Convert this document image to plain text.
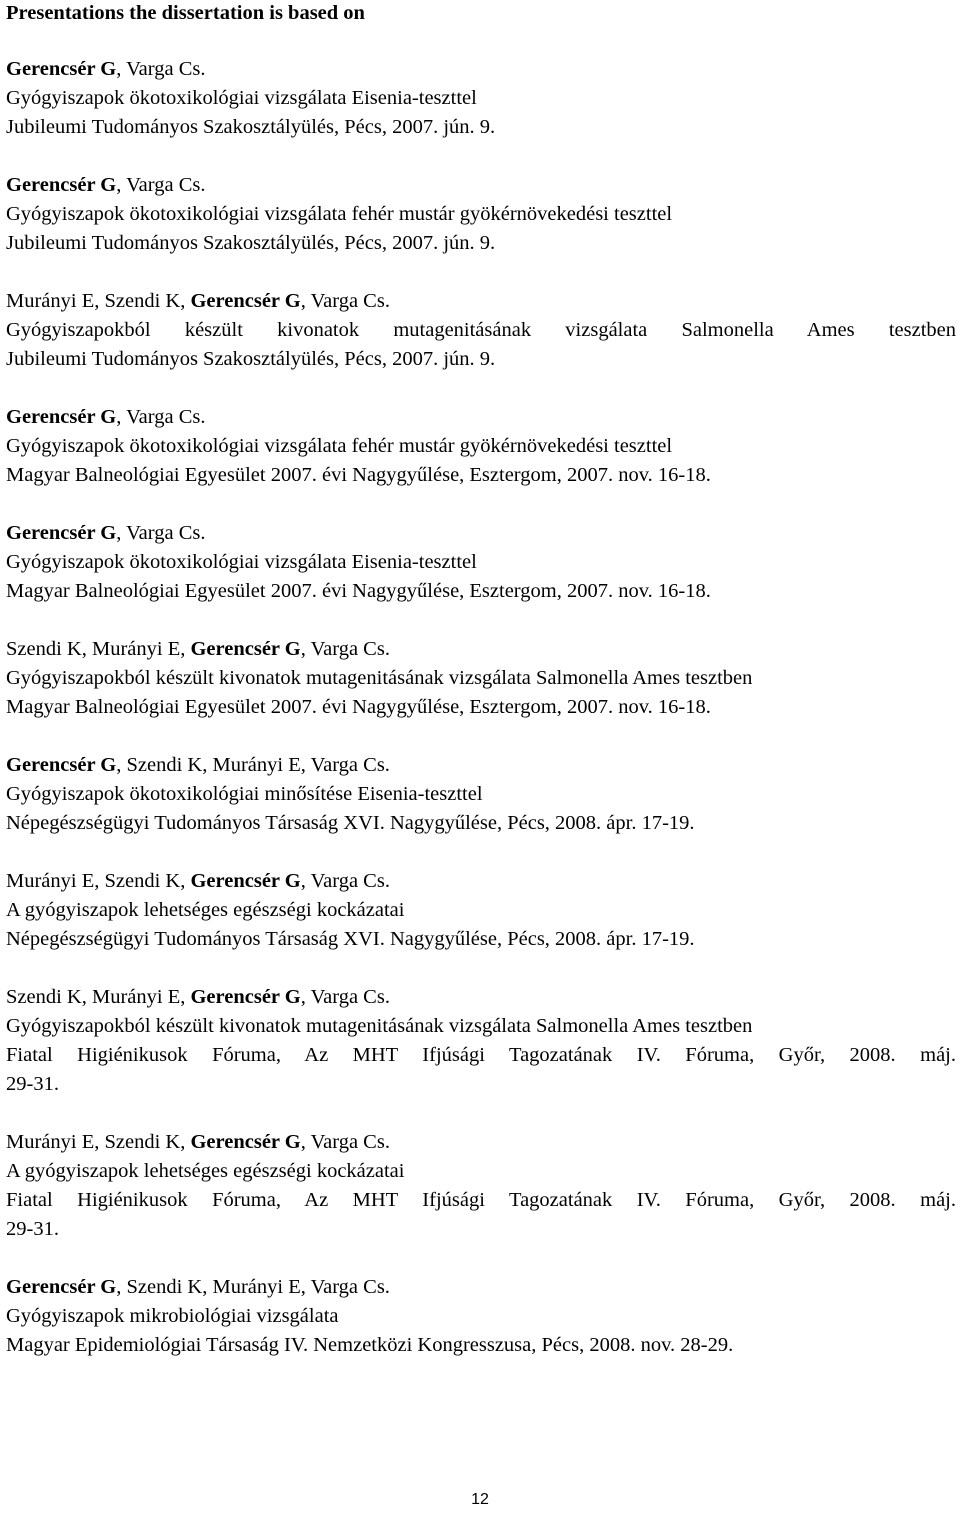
Presentations the dissertation is based on
Gerencsér G, Varga Cs.
Gyógyiszapok ökotoxikológiai vizsgálata Eisenia-teszttel
Jubileumi Tudományos Szakosztályülés, Pécs, 2007. jún. 9.
Gerencsér G, Varga Cs.
Gyógyiszapok ökotoxikológiai vizsgálata fehér mustár gyökérnövekedési teszttel
Jubileumi Tudományos Szakosztályülés, Pécs, 2007. jún. 9.
Murányi E, Szendi K, Gerencsér G, Varga Cs.
Gyógyiszapokból készült kivonatok mutagenitásának vizsgálata Salmonella Ames tesztben
Jubileumi Tudományos Szakosztályülés, Pécs, 2007. jún. 9.
Gerencsér G, Varga Cs.
Gyógyiszapok ökotoxikológiai vizsgálata fehér mustár gyökérnövekedési teszttel
Magyar Balneológiai Egyesület 2007. évi Nagygyűlése, Esztergom, 2007. nov. 16-18.
Gerencsér G, Varga Cs.
Gyógyiszapok ökotoxikológiai vizsgálata Eisenia-teszttel
Magyar Balneológiai Egyesület 2007. évi Nagygyűlése, Esztergom, 2007. nov. 16-18.
Szendi K, Murányi E, Gerencsér G, Varga Cs.
Gyógyiszapokból készült kivonatok mutagenitásának vizsgálata Salmonella Ames tesztben
Magyar Balneológiai Egyesület 2007. évi Nagygyűlése, Esztergom, 2007. nov. 16-18.
Gerencsér G, Szendi K, Murányi E, Varga Cs.
Gyógyiszapok ökotoxikológiai minősítése Eisenia-teszttel
Népegészségügyi Tudományos Társaság XVI. Nagygyűlése, Pécs, 2008. ápr. 17-19.
Murányi E, Szendi K, Gerencsér G, Varga Cs.
A gyógyiszapok lehetséges egészségi kockázatai
Népegészségügyi Tudományos Társaság XVI. Nagygyűlése, Pécs, 2008. ápr. 17-19.
Szendi K, Murányi E, Gerencsér G, Varga Cs.
Gyógyiszapokból készült kivonatok mutagenitásának vizsgálata Salmonella Ames tesztben
Fiatal Higiénikusok Fóruma, Az MHT Ifjúsági Tagozatának IV. Fóruma, Győr, 2008. máj.
29-31.
Murányi E, Szendi K, Gerencsér G, Varga Cs.
A gyógyiszapok lehetséges egészségi kockázatai
Fiatal Higiénikusok Fóruma, Az MHT Ifjúsági Tagozatának IV. Fóruma, Győr, 2008. máj.
29-31.
Gerencsér G, Szendi K, Murányi E, Varga Cs.
Gyógyiszapok mikrobiológiai vizsgálata
Magyar Epidemiológiai Társaság IV. Nemzetközi Kongresszusa, Pécs, 2008. nov. 28-29.
12
